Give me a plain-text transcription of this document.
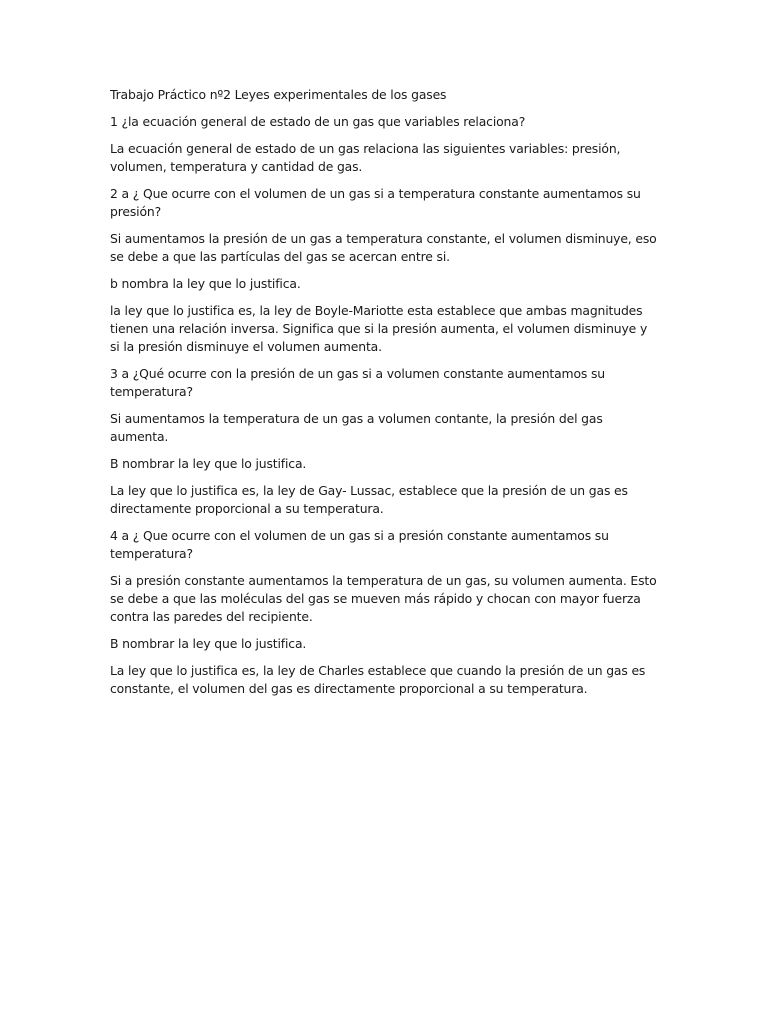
Trabajo Práctico nº2 Leyes experimentales de los gases

1 ¿la ecuación general de estado de un gas que variables relaciona?

La ecuación general de estado de un gas relaciona las siguientes variables: presión, volumen, temperatura y cantidad de gas.

2 a ¿ Que ocurre con el volumen de un gas si a temperatura constante aumentamos su presión?

Si aumentamos la presión de un gas a temperatura constante, el volumen disminuye, eso se debe a que las partículas del gas se acercan entre si.

b nombra la ley que lo justifica.

la ley que lo justifica es, la ley de Boyle-Mariotte esta establece que ambas magnitudes tienen una relación inversa. Significa que si la presión aumenta, el volumen disminuye y si la presión disminuye el volumen aumenta.

3 a ¿Qué ocurre con la presión de un gas si a volumen constante aumentamos su temperatura?

Si aumentamos la temperatura de un gas a volumen contante, la presión del gas aumenta.

B nombrar la ley que lo justifica.

La ley que lo justifica es, la ley de Gay- Lussac, establece que la presión de un gas es directamente proporcional a su temperatura.

4 a ¿ Que ocurre con el volumen de un gas si a presión constante aumentamos su temperatura?

Si a presión constante aumentamos la temperatura de un gas, su volumen aumenta. Esto se debe a que las moléculas del gas se mueven más rápido y chocan con mayor fuerza contra las paredes del recipiente.

B nombrar la ley que lo justifica.

La ley que lo justifica es, la ley de Charles establece que cuando la presión de un gas es constante, el volumen del gas es directamente proporcional a su temperatura.
